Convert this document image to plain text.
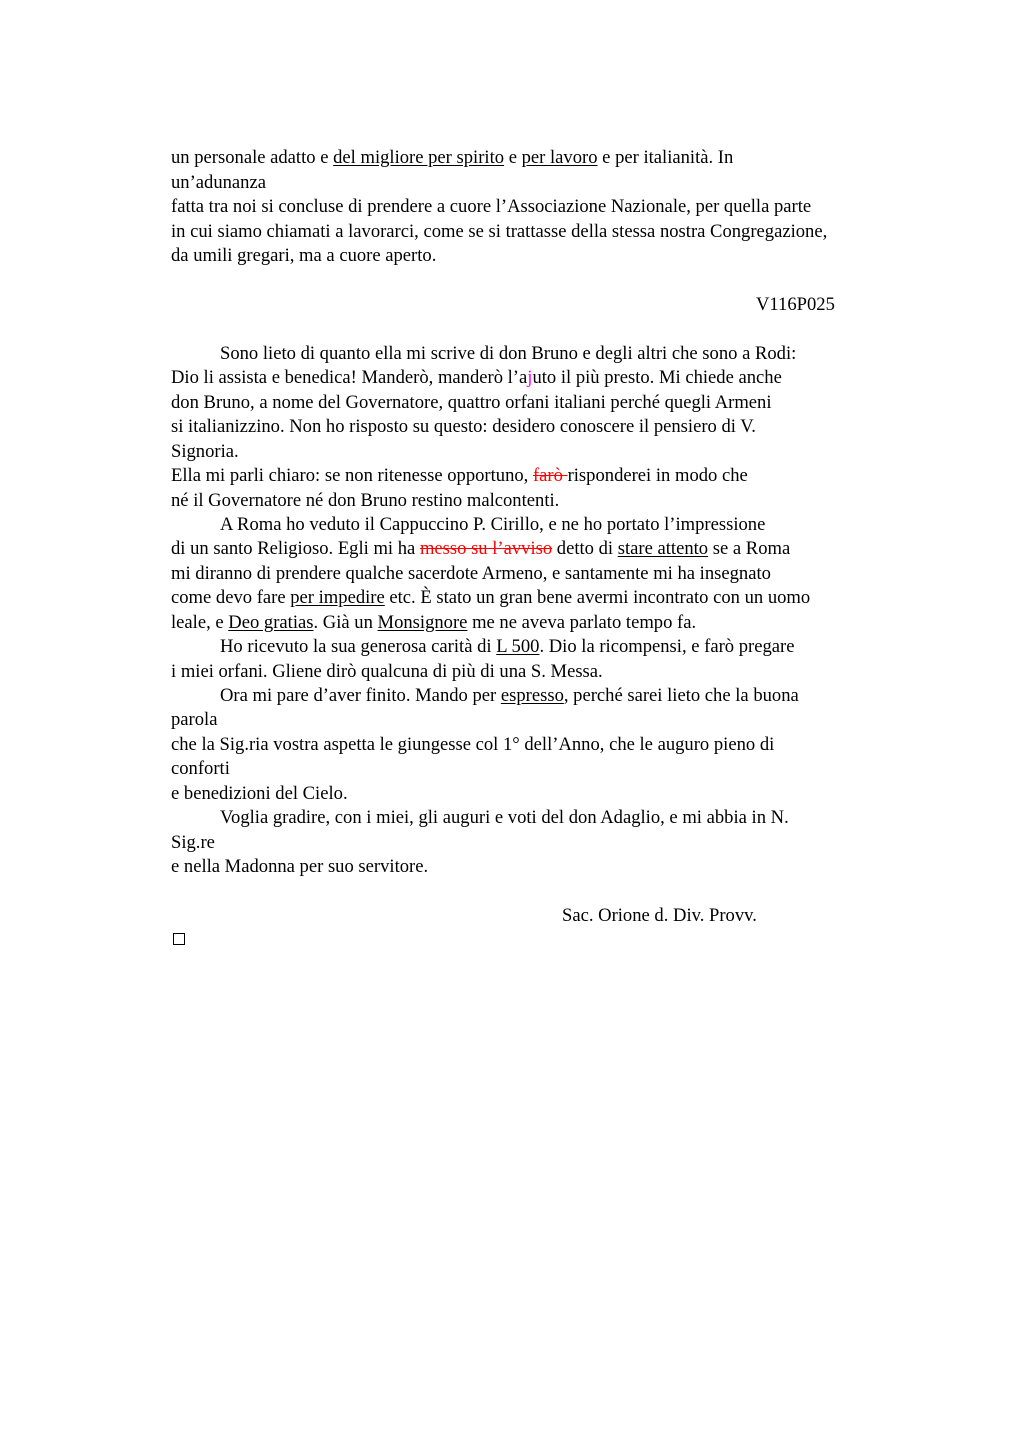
un personale adatto e del migliore per spirito e per lavoro e per italianità. In
un’adunanza
fatta tra noi si concluse di prendere a cuore l’Associazione Nazionale, per quella parte
in cui siamo chiamati a lavorarci, come se si trattasse della stessa nostra Congregazione,
da umili gregari, ma a cuore aperto.
V116P025
Sono lieto di quanto ella mi scrive di don Bruno e degli altri che sono a Rodi:
Dio li assista e benedica! Manderò, manderò l’ajuto il più presto. Mi chiede anche
don Bruno, a nome del Governatore, quattro orfani italiani perché quegli Armeni
si italianizzino. Non ho risposto su questo: desidero conoscere il pensiero di V.
Signoria.
Ella mi parli chiaro: se non ritenesse opportuno, farò risponderei in modo che
né il Governatore né don Bruno restino malcontenti.
A Roma ho veduto il Cappuccino P. Cirillo, e ne ho portato l’impressione
di un santo Religioso. Egli mi ha messo su l’avviso detto di stare attento se a Roma
mi diranno di prendere qualche sacerdote Armeno, e santamente mi ha insegnato
come devo fare per impedire etc. È stato un gran bene avermi incontrato con un uomo
leale, e Deo gratias. Già un Monsignore me ne aveva parlato tempo fa.
Ho ricevuto la sua generosa carità di L 500. Dio la ricompensi, e farò pregare
i miei orfani. Gliene dirò qualcuna di più di una S. Messa.
Ora mi pare d’aver finito. Mando per espresso, perché sarei lieto che la buona
parola
che la Sig.ria vostra aspetta le giungesse col 1° dell’Anno, che le auguro pieno di
conforti
e benedizioni del Cielo.
Voglia gradire, con i miei, gli auguri e voti del don Adaglio, e mi abbia in N.
Sig.re
e nella Madonna per suo servitore.
Sac. Orione d. Div. Provv.
